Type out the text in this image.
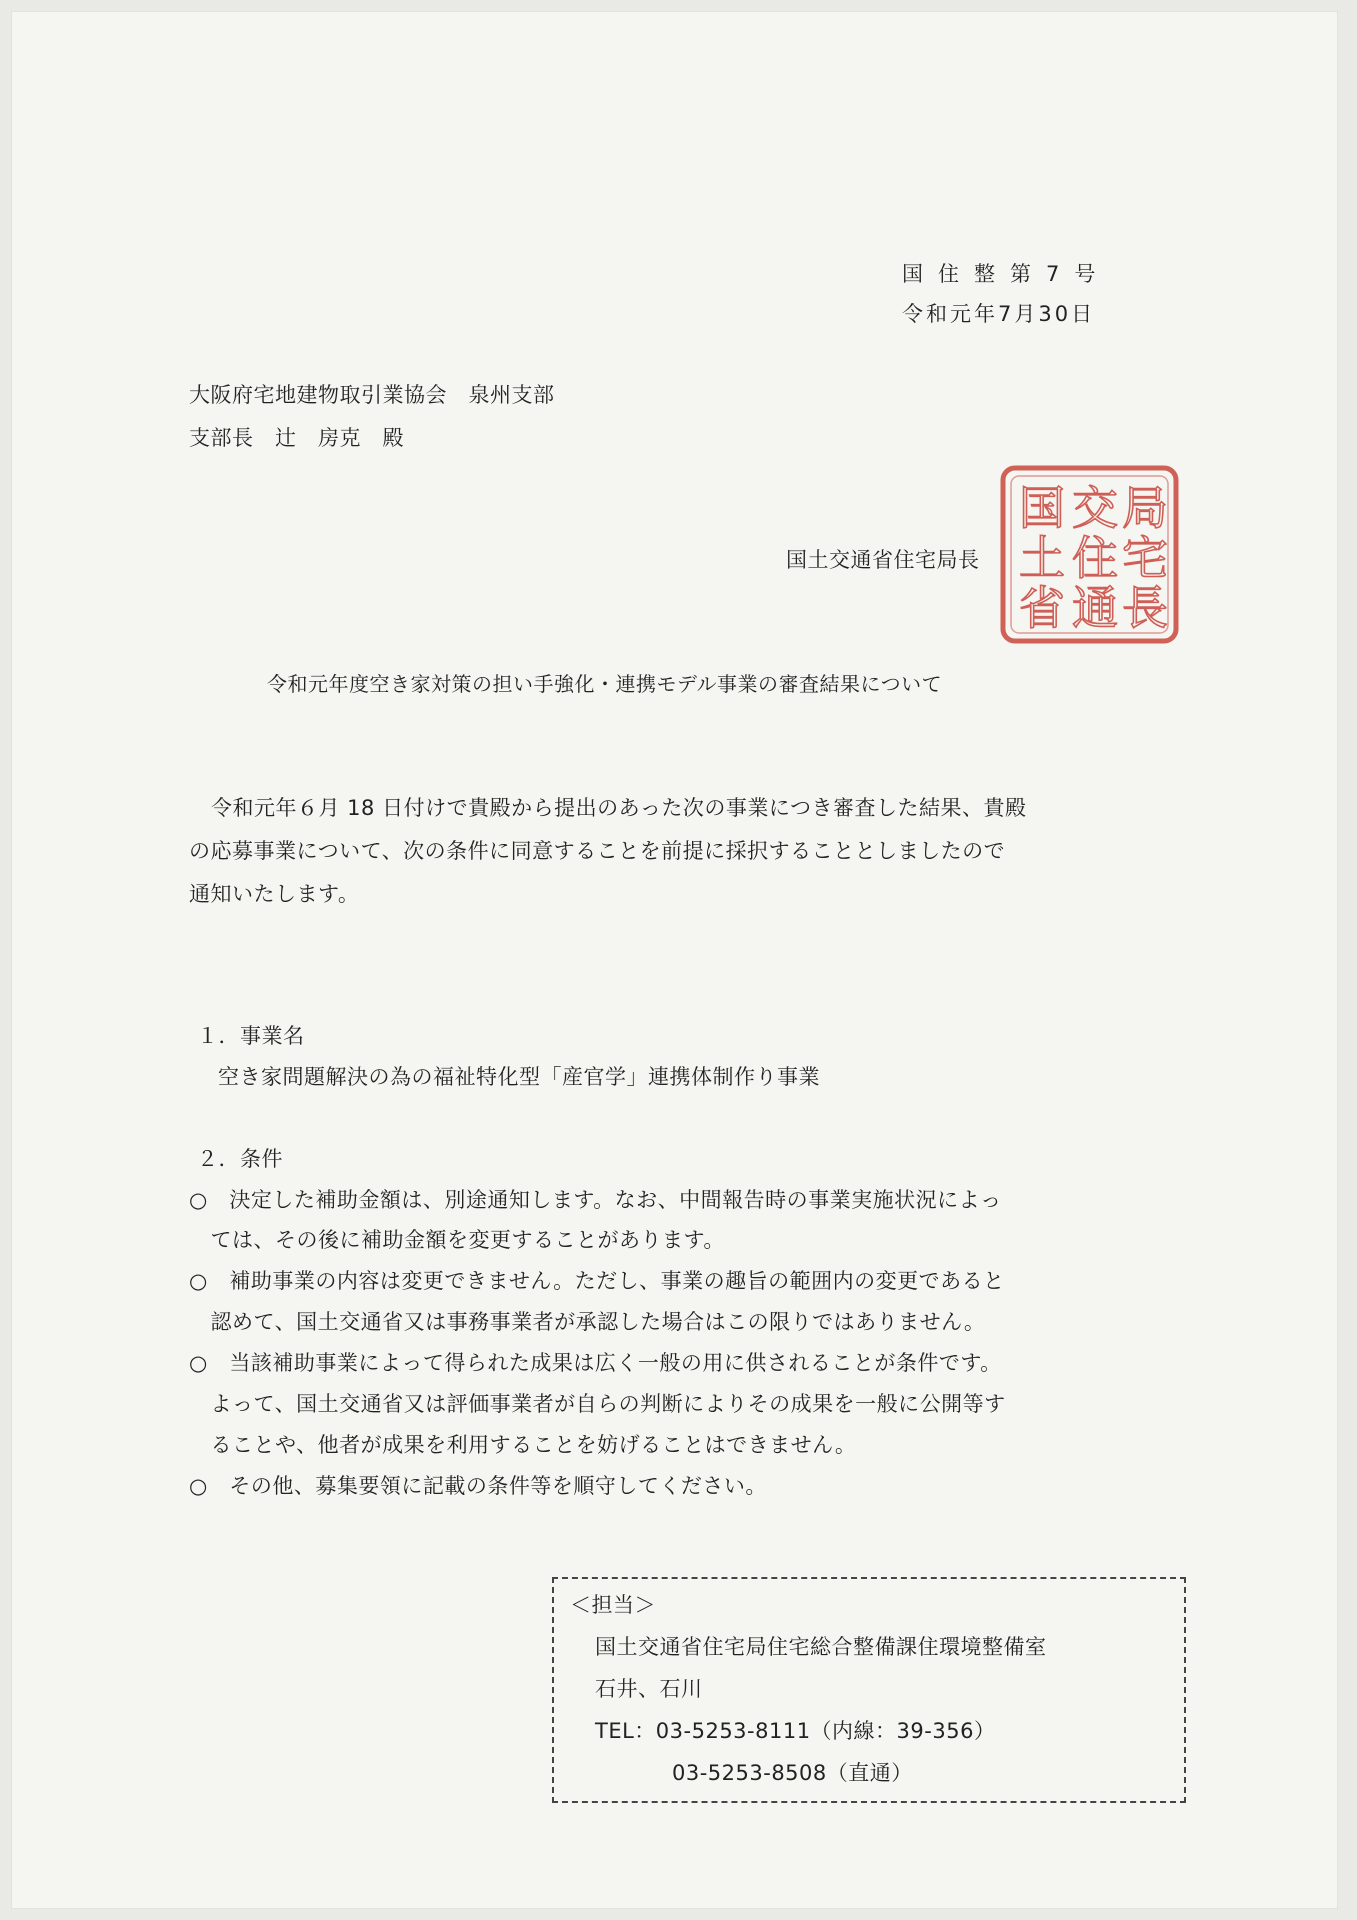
国住整第7号
令和元年7月30日
大阪府宅地建物取引業協会　泉州支部
支部長　辻　房克　殿
国土交通省住宅局長
局
宅
長
交
住
通
国
土
省
令和元年度空き家対策の担い手強化・連携モデル事業の審査結果について
令和元年６月 18 日付けで貴殿から提出のあった次の事業につき審査した結果、貴殿
の応募事業について、次の条件に同意することを前提に採択することとしましたので
通知いたします。
１．事業名
空き家問題解決の為の福祉特化型「産官学」連携体制作り事業
２．条件
○　決定した補助金額は、別途通知します。なお、中間報告時の事業実施状況によっ
　ては、その後に補助金額を変更することがあります。
○　補助事業の内容は変更できません。ただし、事業の趣旨の範囲内の変更であると
　認めて、国土交通省又は事務事業者が承認した場合はこの限りではありません。
○　当該補助事業によって得られた成果は広く一般の用に供されることが条件です。
　よって、国土交通省又は評価事業者が自らの判断によりその成果を一般に公開等す
　ることや、他者が成果を利用することを妨げることはできません。
○　その他、募集要領に記載の条件等を順守してください。
＜担当＞
国土交通省住宅局住宅総合整備課住環境整備室
石井、石川
TEL：03-5253-8111（内線：39-356）
03-5253-8508（直通）
